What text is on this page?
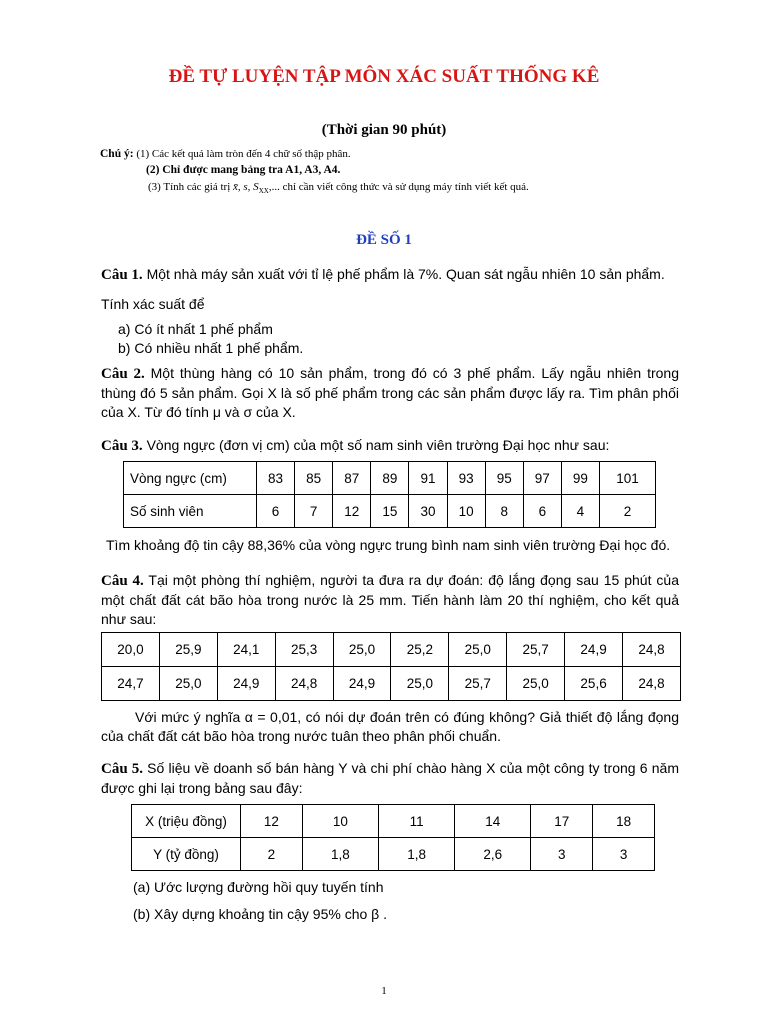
ĐỀ TỰ LUYỆN TẬP MÔN XÁC SUẤT THỐNG KÊ
(Thời gian 90 phút)
Chú ý: (1) Các kết quả làm tròn đến 4 chữ số thập phân.
(2) Chỉ được mang bảng tra A1, A3, A4.
(3) Tính các giá trị x̄, s, $S_{XX}$,... chỉ cần viết công thức và sử dụng máy tính viết kết quả.
ĐỀ SỐ 1
Câu 1. Một nhà máy sản xuất với tỉ lệ phế phẩm là 7%. Quan sát ngẫu nhiên 10 sản phẩm.
Tính xác suất để
a) Có ít nhất 1 phế phẩm
b) Có nhiều nhất 1 phế phẩm.
Câu 2. Một thùng hàng có 10 sản phẩm, trong đó có 3 phế phẩm. Lấy ngẫu nhiên trong thùng đó 5 sản phẩm. Gọi X là số phế phẩm trong các sản phẩm được lấy ra. Tìm phân phối của X. Từ đó tính μ và σ của X.
Câu 3. Vòng ngực (đơn vị cm) của một số nam sinh viên trường Đại học như sau:
Vòng ngực (cm)	83	85	87	89	91	93	95	97	99	101
Số sinh viên	6	7	12	15	30	10	8	6	4	2
Tìm khoảng độ tin cậy 88,36% của vòng ngực trung bình nam sinh viên trường Đại học đó.
Câu 4. Tại một phòng thí nghiệm, người ta đưa ra dự đoán: độ lắng đọng sau 15 phút của một chất đất cát bão hòa trong nước là 25 mm. Tiến hành làm 20 thí nghiệm, cho kết quả như sau:
20,0	25,9	24,1	25,3	25,0	25,2	25,0	25,7	24,9	24,8
24,7	25,0	24,9	24,8	24,9	25,0	25,7	25,0	25,6	24,8
Với mức ý nghĩa α = 0,01, có nói dự đoán trên có đúng không? Giả thiết độ lắng đọng của chất đất cát bão hòa trong nước tuân theo phân phối chuẩn.
Câu 5. Số liệu về doanh số bán hàng Y và chi phí chào hàng X của một công ty trong 6 năm được ghi lại trong bảng sau đây:
X (triệu đồng)	12	10	11	14	17	18
Y (tỷ đồng)	2	1,8	1,8	2,6	3	3
(a) Ước lượng đường hồi quy tuyến tính
(b) Xây dựng khoảng tin cậy 95% cho β .
1
